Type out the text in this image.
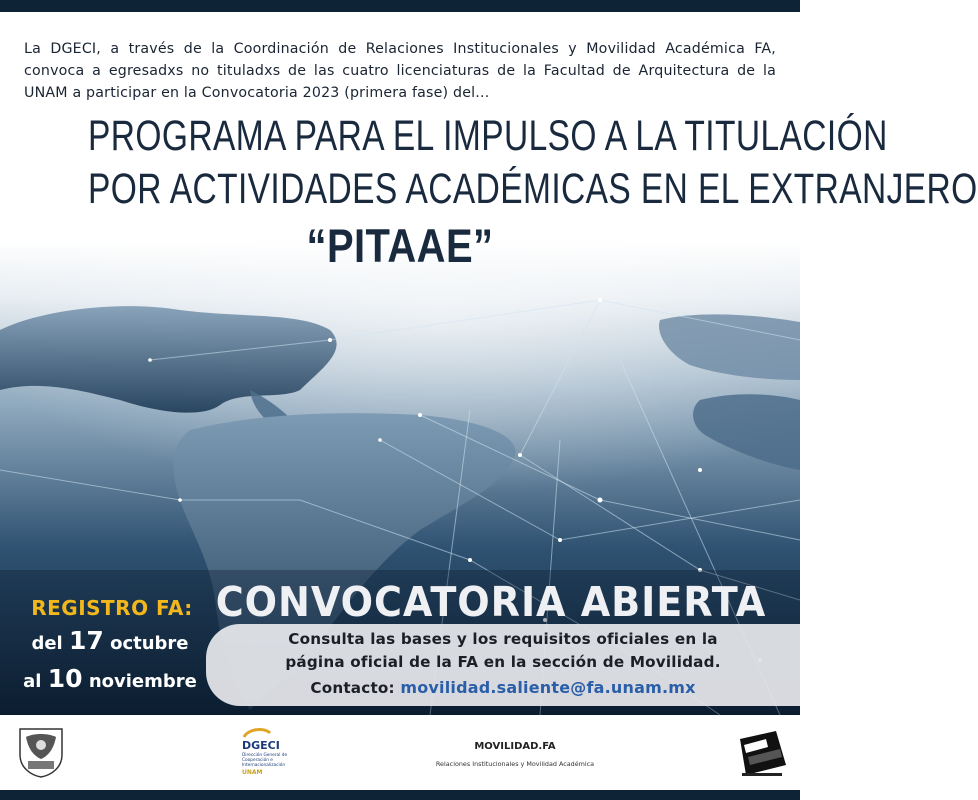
La DGECI, a través de la Coordinación de Relaciones Institucionales y Movilidad Académica FA, convoca a egresadxs no tituladxs de las cuatro licenciaturas de la Facultad de Arquitectura de la UNAM a participar en la Convocatoria 2023 (primera fase) del...

PROGRAMA PARA EL IMPULSO A LA TITULACIÓN
POR ACTIVIDADES ACADÉMICAS EN EL EXTRANJERO
“PITAAE”
REGISTRO FA:
del 17 octubre
al 10 noviembre
Consulta las bases y los requisitos oficiales en la
página oficial de la FA en la sección de Movilidad.
Contacto: movilidad.saliente@fa.unam.mx
CONVOCATORIA ABIERTA
DGECI
Dirección General de Cooperación e Internacionalización
UNAM
MOVILIDAD.FA
Relaciones Institucionales y Movilidad Académica
